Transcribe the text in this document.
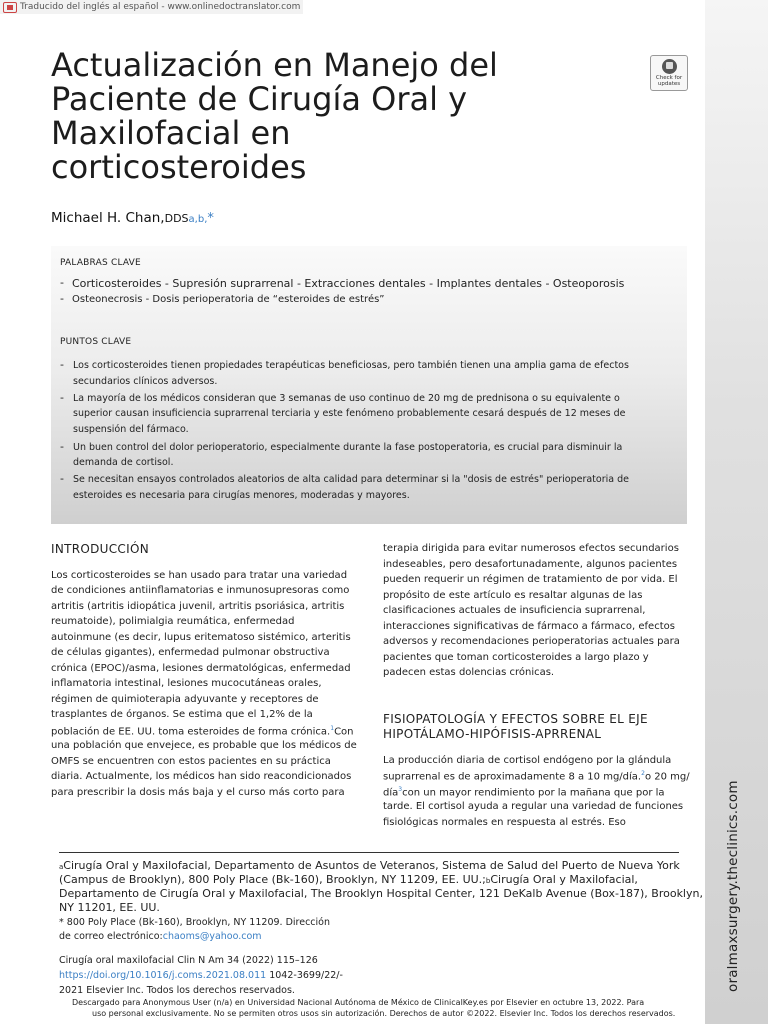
Traducido del inglés al español - www.onlinedoctranslator.com
oralmaxsurgery.theclinics.com
Actualización en Manejo del
Paciente de Cirugía Oral y
Maxilofacial en
corticosteroides
Check for
updates
Michael H. Chan,DDSa,b,*
PALABRAS CLAVE
- Corticosteroides - Supresión suprarrenal - Extracciones dentales - Implantes dentales - Osteoporosis
- Osteonecrosis - Dosis perioperatoria de “esteroides de estrés”
PUNTOS CLAVE
- Los corticosteroides tienen propiedades terapéuticas beneficiosas, pero también tienen una amplia gama de efectos
secundarios clínicos adversos.
- La mayoría de los médicos consideran que 3 semanas de uso continuo de 20 mg de prednisona o su equivalente o
superior causan insuficiencia suprarrenal terciaria y este fenómeno probablemente cesará después de 12 meses de
suspensión del fármaco.
- Un buen control del dolor perioperatorio, especialmente durante la fase postoperatoria, es crucial para disminuir la
demanda de cortisol.
- Se necesitan ensayos controlados aleatorios de alta calidad para determinar si la "dosis de estrés" perioperatoria de
esteroides es necesaria para cirugías menores, moderadas y mayores.
INTRODUCCIÓN
Los corticosteroides se han usado para tratar una variedad
de condiciones antiinflamatorias e inmunosupresoras como
artritis (artritis idiopática juvenil, artritis psoriásica, artritis
reumatoide), polimialgia reumática, enfermedad
autoinmune (es decir, lupus eritematoso sistémico, arteritis
de células gigantes), enfermedad pulmonar obstructiva
crónica (EPOC)/asma, lesiones dermatológicas, enfermedad
inflamatoria intestinal, lesiones mucocutáneas orales,
régimen de quimioterapia adyuvante y receptores de
trasplantes de órganos. Se estima que el 1,2% de la
población de EE. UU. toma esteroides de forma crónica.$^1$Con
una población que envejece, es probable que los médicos de
OMFS se encuentren con estos pacientes en su práctica
diaria. Actualmente, los médicos han sido reacondicionados
para prescribir la dosis más baja y el curso más corto para
terapia dirigida para evitar numerosos efectos secundarios
indeseables, pero desafortunadamente, algunos pacientes
pueden requerir un régimen de tratamiento de por vida. El
propósito de este artículo es resaltar algunas de las
clasificaciones actuales de insuficiencia suprarrenal,
interacciones significativas de fármaco a fármaco, efectos
adversos y recomendaciones perioperatorias actuales para
pacientes que toman corticosteroides a largo plazo y
padecen estas dolencias crónicas.
FISIOPATOLOGÍA Y EFECTOS SOBRE EL EJE
HIPOTÁLAMO-HIPÓFISIS-APRRENAL
La producción diaria de cortisol endógeno por la glándula
suprarrenal es de aproximadamente 8 a 10 mg/día.$^2$o 20 mg/
día$^3$con un mayor rendimiento por la mañana que por la
tarde. El cortisol ayuda a regular una variedad de funciones
fisiológicas normales en respuesta al estrés. Eso
aCirugía Oral y Maxilofacial, Departamento de Asuntos de Veteranos, Sistema de Salud del Puerto de Nueva York
(Campus de Brooklyn), 800 Poly Place (Bk-160), Brooklyn, NY 11209, EE. UU.;bCirugía Oral y Maxilofacial,
Departamento de Cirugía Oral y Maxilofacial, The Brooklyn Hospital Center, 121 DeKalb Avenue (Box-187), Brooklyn,
NY 11201, EE. UU.
* 800 Poly Place (Bk-160), Brooklyn, NY 11209. Dirección
de correo electrónico:chaoms@yahoo.com
Cirugía oral maxilofacial Clin N Am 34 (2022) 115–126
https://doi.org/10.1016/j.coms.2021.08.011 1042-3699/22/-
2021 Elsevier Inc. Todos los derechos reservados.
Descargado para Anonymous User (n/a) en Universidad Nacional Autónoma de México de ClinicalKey.es por Elsevier en octubre 13, 2022. Para
uso personal exclusivamente. No se permiten otros usos sin autorización. Derechos de autor ©2022. Elsevier Inc. Todos los derechos reservados.
